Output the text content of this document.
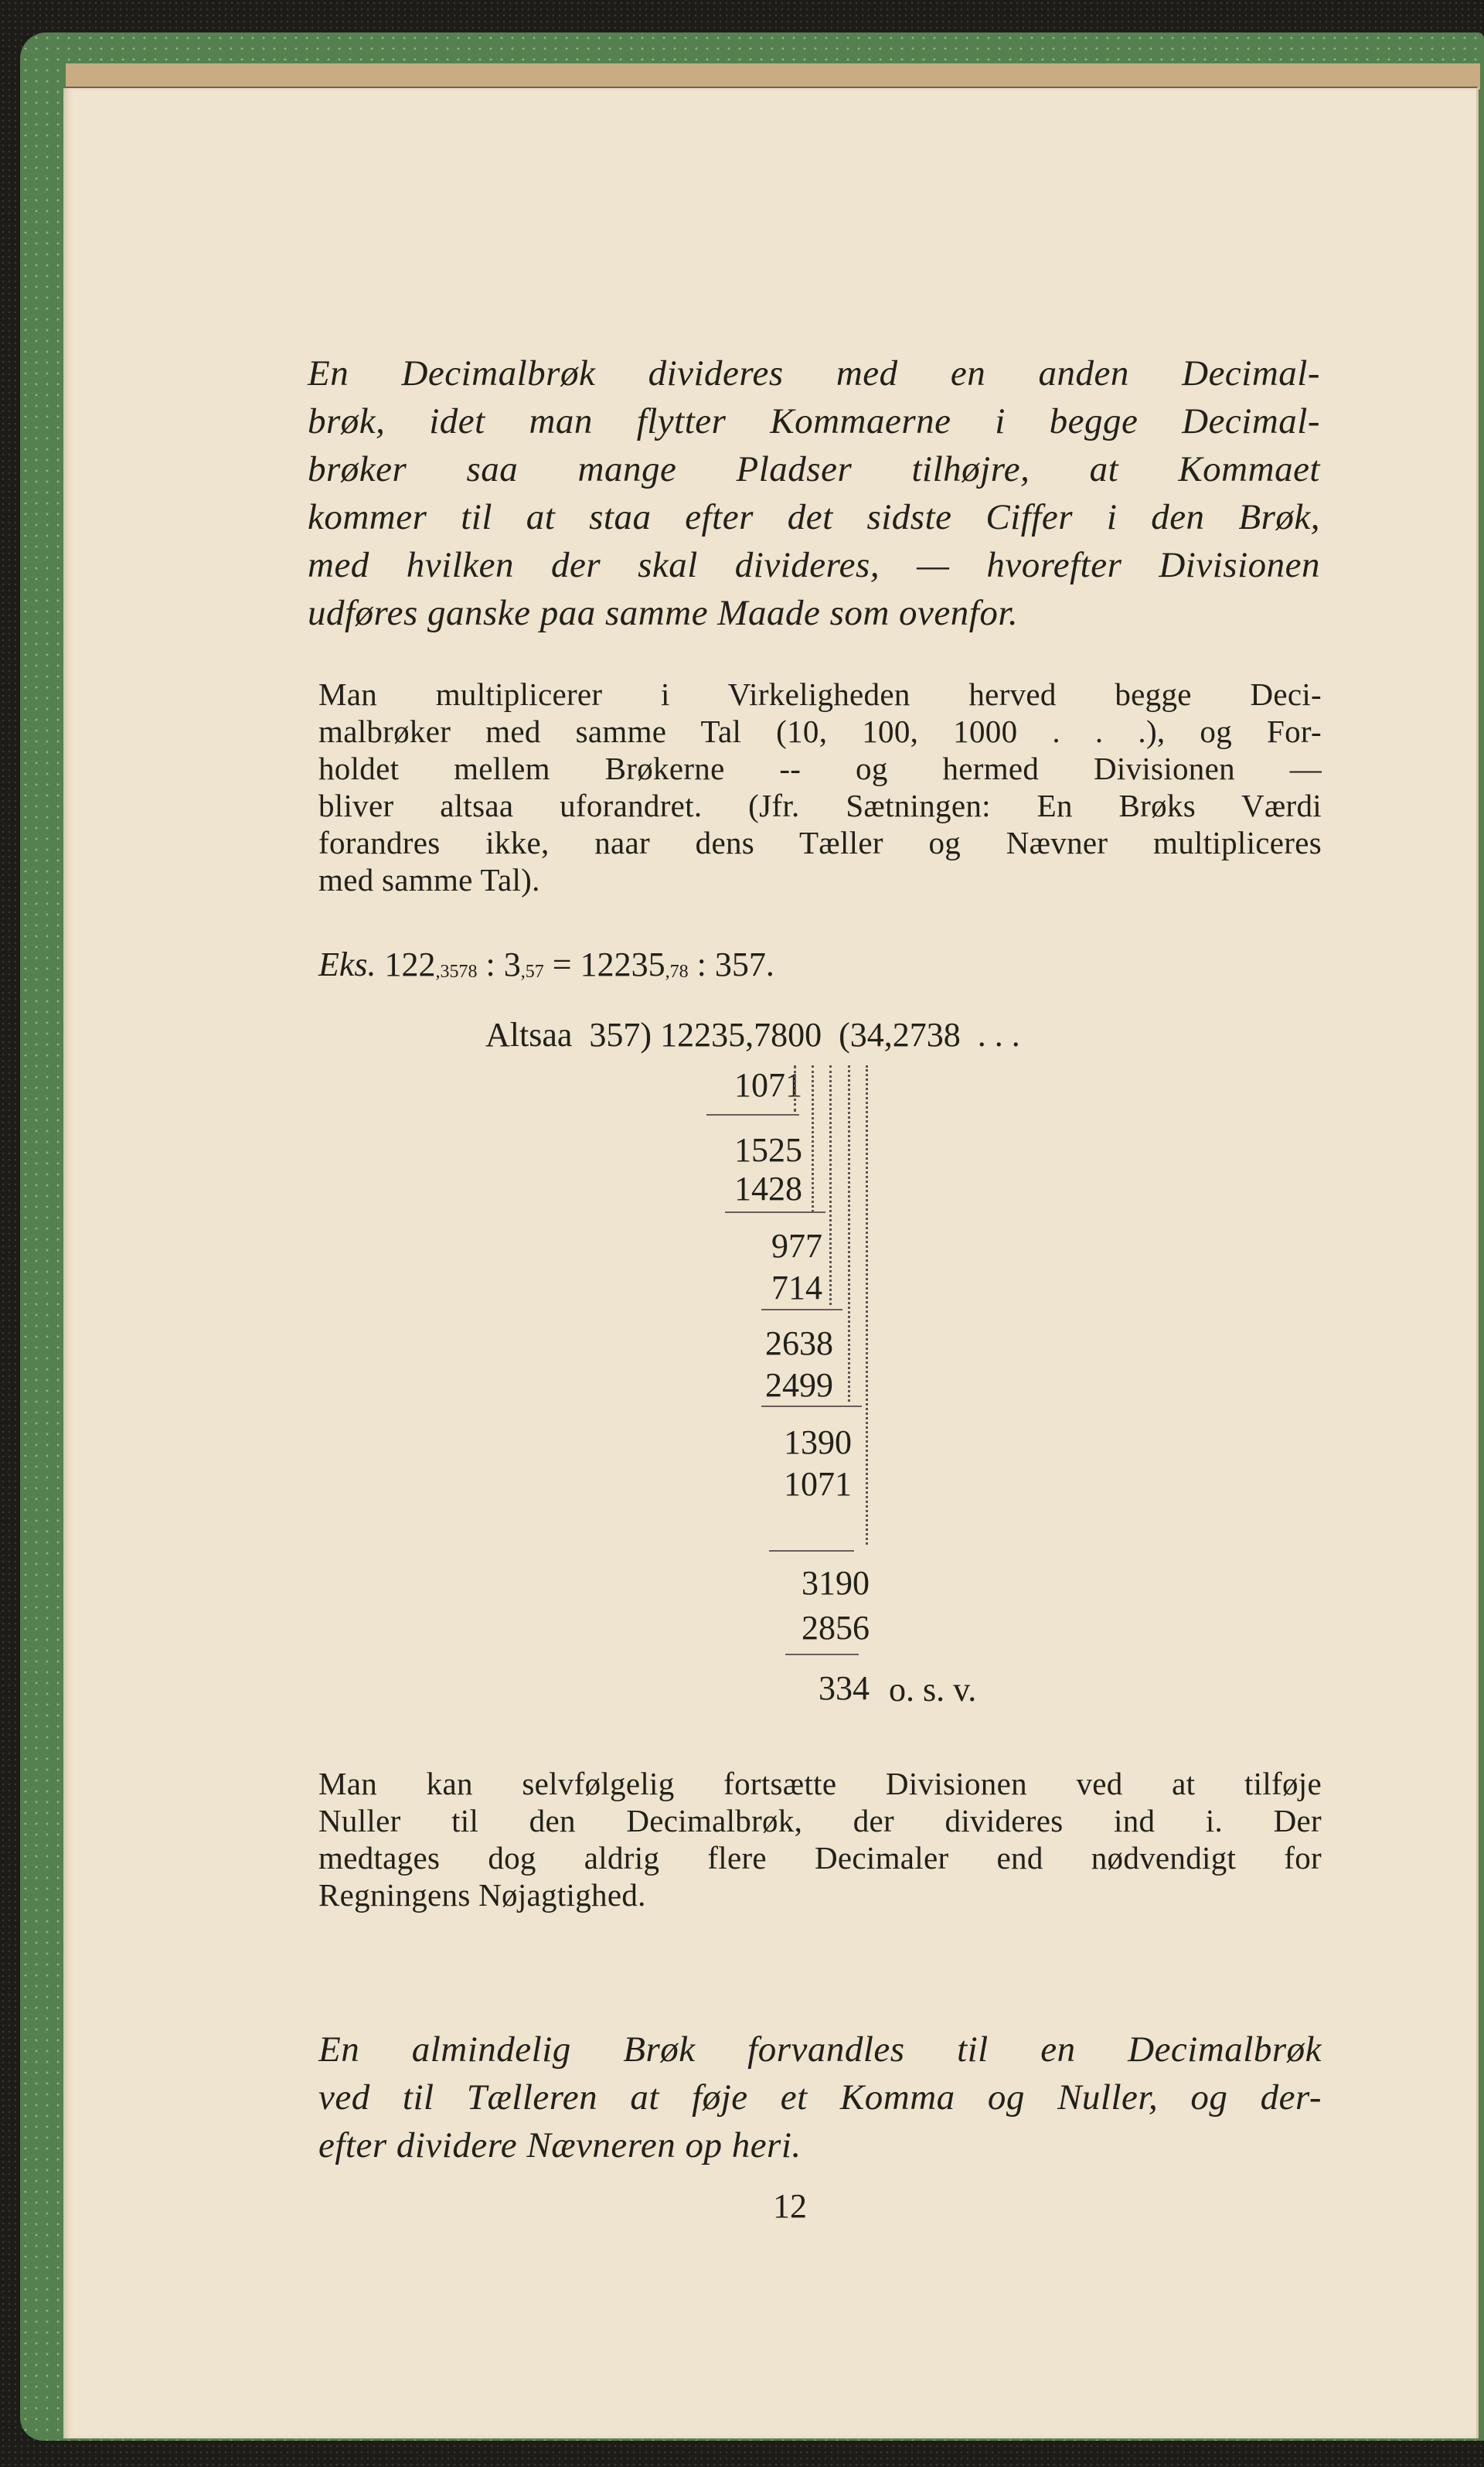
En Decimalbrøk divideres med en anden Decimal-
brøk, idet man flytter Kommaerne i begge Decimal-
brøker saa mange Pladser tilhøjre, at Kommaet
kommer til at staa efter det sidste Ciffer i den Brøk,
med hvilken der skal divideres, — hvorefter Divisionen
udføres ganske paa samme Maade som ovenfor.
Man multiplicerer i Virkeligheden herved begge Deci-
malbrøker med samme Tal (10, 100, 1000 . . .), og For-
holdet mellem Brøkerne -- og hermed Divisionen —
bliver altsaa uforandret. (Jfr. Sætningen: En Brøks Værdi
forandres ikke, naar dens Tæller og Nævner multipliceres
med samme Tal).
Eks. $122_{,3578}$ : $3_{,57} = 12235_{,78}$ : 357.
Altsaa 357) 12235,7800 (34,2738 . . .
1071
1525
1428
977
714
2638
2499
1390
1071
3190
2856
334 o. s. v.
Man kan selvfølgelig fortsætte Divisionen ved at tilføje
Nuller til den Decimalbrøk, der divideres ind i. Der
medtages dog aldrig flere Decimaler end nødvendigt for
Regningens Nøjagtighed.
En almindelig Brøk forvandles til en Decimalbrøk
ved til Tælleren at føje et Komma og Nuller, og der-
efter dividere Nævneren op heri.
12
